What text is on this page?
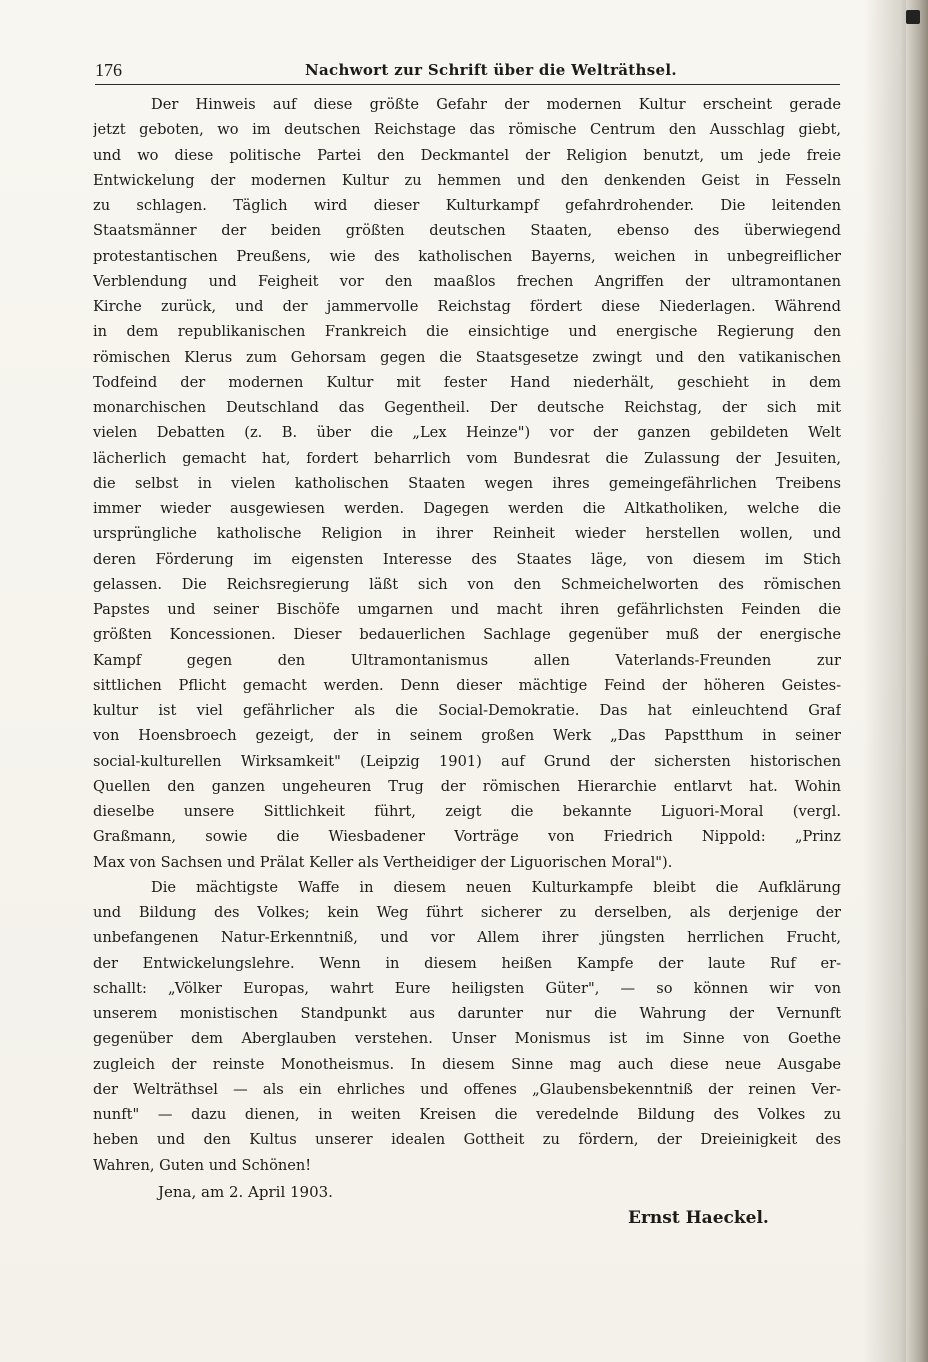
176	Nachwort zur Schrift über die Welträthsel.
Der Hinweis auf diese größte Gefahr der modernen Kultur erscheint gerade
jetzt geboten, wo im deutschen Reichstage das römische Centrum den Ausschlag giebt,
und wo diese politische Partei den Deckmantel der Religion benutzt, um jede freie
Entwickelung der modernen Kultur zu hemmen und den denkenden Geist in Fesseln
zu schlagen. Täglich wird dieser Kulturkampf gefahrdrohender. Die leitenden
Staatsmänner der beiden größten deutschen Staaten, ebenso des überwiegend
protestantischen Preußens, wie des katholischen Bayerns, weichen in unbegreiflicher
Verblendung und Feigheit vor den maaßlos frechen Angriffen der ultramontanen
Kirche zurück, und der jammervolle Reichstag fördert diese Niederlagen. Während
in dem republikanischen Frankreich die einsichtige und energische Regierung den
römischen Klerus zum Gehorsam gegen die Staatsgesetze zwingt und den vatikanischen
Todfeind der modernen Kultur mit fester Hand niederhält, geschieht in dem
monarchischen Deutschland das Gegentheil. Der deutsche Reichstag, der sich mit
vielen Debatten (z. B. über die „Lex Heinze") vor der ganzen gebildeten Welt
lächerlich gemacht hat, fordert beharrlich vom Bundesrat die Zulassung der Jesuiten,
die selbst in vielen katholischen Staaten wegen ihres gemeingefährlichen Treibens
immer wieder ausgewiesen werden. Dagegen werden die Altkatholiken, welche die
ursprüngliche katholische Religion in ihrer Reinheit wieder herstellen wollen, und
deren Förderung im eigensten Interesse des Staates läge, von diesem im Stich
gelassen. Die Reichsregierung läßt sich von den Schmeichelworten des römischen
Papstes und seiner Bischöfe umgarnen und macht ihren gefährlichsten Feinden die
größten Koncessionen. Dieser bedauerlichen Sachlage gegenüber muß der energische
Kampf gegen den Ultramontanismus allen Vaterlands-Freunden zur
sittlichen Pflicht gemacht werden. Denn dieser mächtige Feind der höheren Geistes-
kultur ist viel gefährlicher als die Social-Demokratie. Das hat einleuchtend Graf
von Hoensbroech gezeigt, der in seinem großen Werk „Das Papstthum in seiner
social-kulturellen Wirksamkeit" (Leipzig 1901) auf Grund der sichersten historischen
Quellen den ganzen ungeheuren Trug der römischen Hierarchie entlarvt hat. Wohin
dieselbe unsere Sittlichkeit führt, zeigt die bekannte Liguori-Moral (vergl.
Graßmann, sowie die Wiesbadener Vorträge von Friedrich Nippold: „Prinz
Max von Sachsen und Prälat Keller als Vertheidiger der Liguorischen Moral").
Die mächtigste Waffe in diesem neuen Kulturkampfe bleibt die Aufklärung
und Bildung des Volkes; kein Weg führt sicherer zu derselben, als derjenige der
unbefangenen Natur-Erkenntniß, und vor Allem ihrer jüngsten herrlichen Frucht,
der Entwickelungslehre. Wenn in diesem heißen Kampfe der laute Ruf er-
schallt: „Völker Europas, wahrt Eure heiligsten Güter", — so können wir von
unserem monistischen Standpunkt aus darunter nur die Wahrung der Vernunft
gegenüber dem Aberglauben verstehen. Unser Monismus ist im Sinne von Goethe
zugleich der reinste Monotheismus. In diesem Sinne mag auch diese neue Ausgabe
der Welträthsel — als ein ehrliches und offenes „Glaubensbekenntniß der reinen Ver-
nunft" — dazu dienen, in weiten Kreisen die veredelnde Bildung des Volkes zu
heben und den Kultus unserer idealen Gottheit zu fördern, der Dreieinigkeit des
Wahren, Guten und Schönen!
Jena, am 2. April 1903.
Ernst Haeckel.
